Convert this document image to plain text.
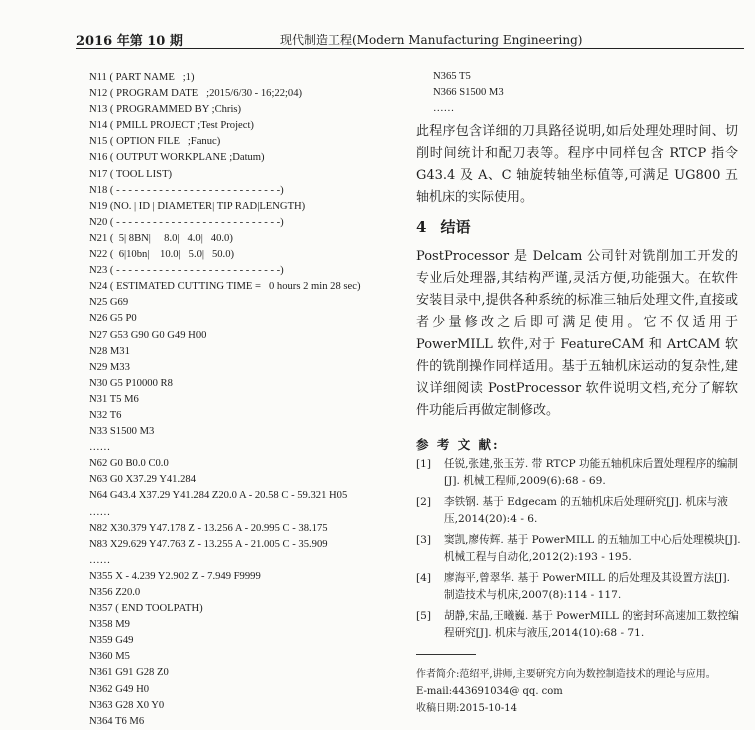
2016 年第 10 期	现代制造工程(Modern Manufacturing Engineering)
N11 ( PART NAME   ;1)
N12 ( PROGRAM DATE   ;2015/6/30 - 16;22;04)
N13 ( PROGRAMMED BY ;Chris)
N14 ( PMILL PROJECT ;Test Project)
N15 ( OPTION FILE   ;Fanuc)
N16 ( OUTPUT WORKPLANE ;Datum)
N17 ( TOOL LIST)
N18 ( - - - - - - - - - - - - - - - - - - - - - - - - - - -)
N19 (NO. | ID | DIAMETER| TIP RAD|LENGTH)
N20 ( - - - - - - - - - - - - - - - - - - - - - - - - - - -)
N21 (  5| 8BN|     8.0|   4.0|   40.0)
N22 (  6|10bn|    10.0|   5.0|   50.0)
N23 ( - - - - - - - - - - - - - - - - - - - - - - - - - - -)
N24 ( ESTIMATED CUTTING TIME =   0 hours 2 min 28 sec)
N25 G69
N26 G5 P0
N27 G53 G90 G0 G49 H00
N28 M31
N29 M33
N30 G5 P10000 R8
N31 T5 M6
N32 T6
N33 S1500 M3
……
N62 G0 B0.0 C0.0
N63 G0 X37.29 Y41.284
N64 G43.4 X37.29 Y41.284 Z20.0 A - 20.58 C - 59.321 H05
……
N82 X30.379 Y47.178 Z - 13.256 A - 20.995 C - 38.175
N83 X29.629 Y47.763 Z - 13.255 A - 21.005 C - 35.909
……
N355 X - 4.239 Y2.902 Z - 7.949 F9999
N356 Z20.0
N357 ( END TOOLPATH)
N358 M9
N359 G49
N360 M5
N361 G91 G28 Z0
N362 G49 H0
N363 G28 X0 Y0
N364 T6 M6
N365 T5
N366 S1500 M3
……
此程序包含详细的刀具路径说明,如后处理处理时间、切削时间统计和配刀表等。程序中同样包含 RTCP 指令 G43.4 及 A、C 轴旋转轴坐标值等,可满足 UG800 五轴机床的实际使用。
4 结语
PostProcessor 是 Delcam 公司针对铣削加工开发的专业后处理器,其结构严谨,灵活方便,功能强大。在软件安装目录中,提供各种系统的标准三轴后处理文件,直接或者少量修改之后即可满足使用。它不仅适用于 PowerMILL 软件,对于 FeatureCAM 和 ArtCAM 软件的铣削操作同样适用。基于五轴机床运动的复杂性,建议详细阅读 PostProcessor 软件说明文档,充分了解软件功能后再做定制修改。
参 考 文 献:
[1] 任锐,张建,张玉芳. 带 RTCP 功能五轴机床后置处理程序的编制[J]. 机械工程师,2009(6):68 - 69.
[2] 李铁钢. 基于 Edgecam 的五轴机床后处理研究[J]. 机床与液压,2014(20):4 - 6.
[3] 窦凯,廖传辉. 基于 PowerMILL 的五轴加工中心后处理模块[J]. 机械工程与自动化,2012(2):193 - 195.
[4] 廖海平,曾翠华. 基于 PowerMILL 的后处理及其设置方法[J]. 制造技术与机床,2007(8):114 - 117.
[5] 胡静,宋晶,王曦巍. 基于 PowerMILL 的密封环高速加工数控编程研究[J]. 机床与液压,2014(10):68 - 71.
作者简介:范绍平,讲师,主要研究方向为数控制造技术的理论与应用。
E-mail:443691034@ qq. com
收稿日期:2015-10-14
